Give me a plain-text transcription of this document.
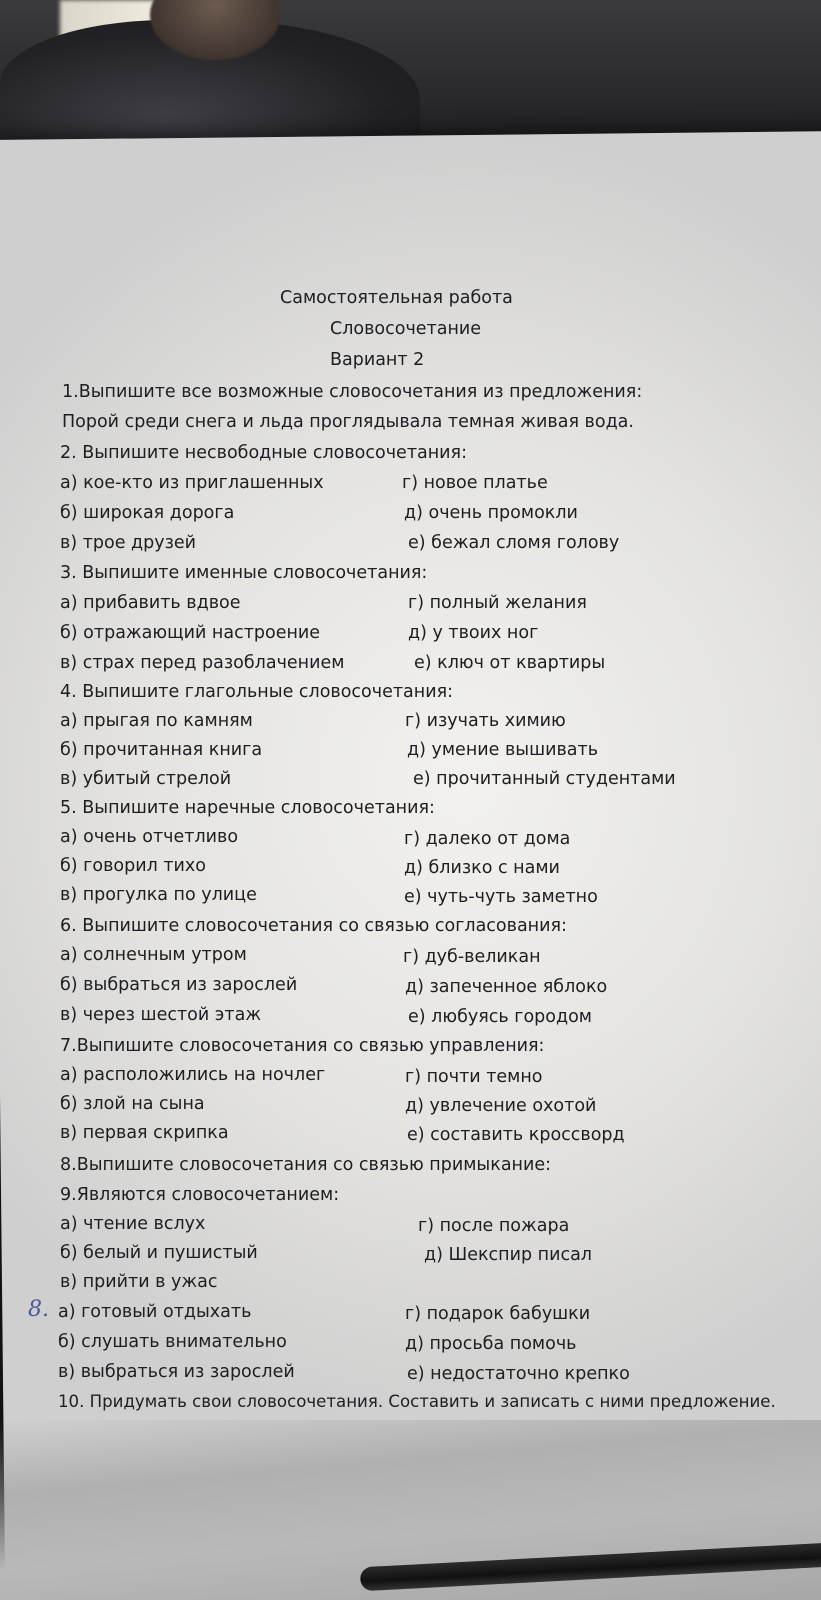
Самостоятельная работа
Словосочетание
Вариант 2
1.Выпишите все возможные словосочетания из предложения:
Порой среди снега и льда проглядывала темная живая вода.
2. Выпишите несвободные словосочетания:
а) кое-кто из приглашенных
б) широкая дорога
в) трое друзей
г) новое платье
д) очень промокли
е) бежал сломя голову
3. Выпишите именные словосочетания:
а) прибавить вдвое
б) отражающий настроение
в) страх перед разоблачением
г) полный желания
д) у твоих ног
е) ключ от квартиры
4. Выпишите глагольные словосочетания:
а) прыгая по камням
б) прочитанная книга
в) убитый стрелой
г) изучать химию
д) умение вышивать
е) прочитанный студентами
5. Выпишите наречные словосочетания:
а) очень отчетливо
б) говорил тихо
в) прогулка по улице
г) далеко от дома
д) близко с нами
е) чуть-чуть заметно
6. Выпишите словосочетания со связью согласования:
а) солнечным утром
б) выбраться из зарослей
в) через шестой этаж
г) дуб-великан
д) запеченное яблоко
е) любуясь городом
7.Выпишите словосочетания со связью управления:
а) расположились на ночлег
б) злой на сына
в) первая скрипка
г) почти темно
д) увлечение охотой
е) составить кроссворд
8.Выпишите словосочетания со связью примыкание:
9.Являются словосочетанием:
а) чтение вслух
б) белый и пушистый
в) прийти в ужас
г) после пожара
д) Шекспир писал
8. а) готовый отдыхать
б) слушать внимательно
в) выбраться из зарослей
г) подарок бабушки
д) просьба помочь
е) недостаточно крепко
10. Придумать свои словосочетания. Составить и записать с ними предложение.
